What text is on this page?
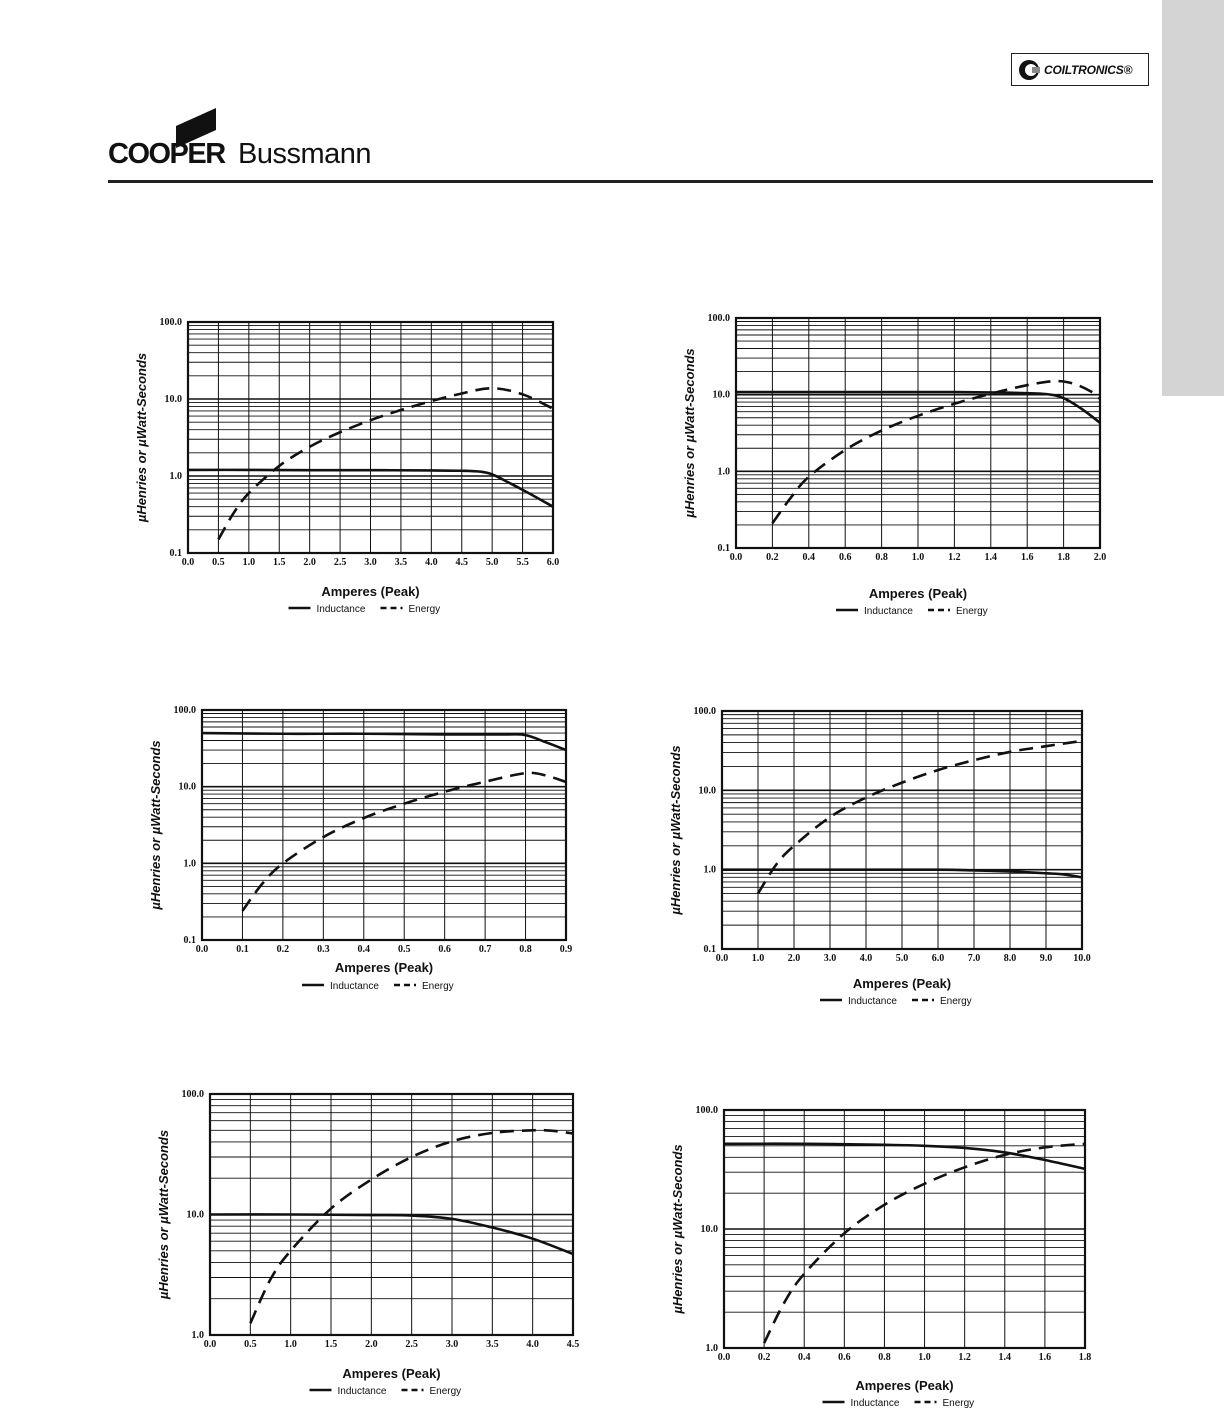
COILTRONICS®
COOPER Bussmann
0.0 0.5 1.0 1.5 2.0 2.5 3.0 3.5 4.0 4.5 5.0 5.5 6.0
100.0
10.0
1.0
0.1
µHenries or µWatt-Seconds
Amperes (Peak)
Inductance	Energy
0.0 0.2 0.4 0.6 0.8 1.0 1.2 1.4 1.6 1.8 2.0
100.0
10.0
1.0
0.1
µHenries or µWatt-Seconds
Amperes (Peak)
Inductance	Energy
0.0	0.1	0.2	0.3	0.4	0.5	0.6	0.7	0.8	0.9
100.0
10.0
1.0
0.1
µHenries or µWatt-Seconds
Amperes (Peak)
Inductance	Energy
0.0 1.0 2.0 3.0 4.0 5.0 6.0 7.0 8.0 9.0 10.0
100.0
10.0
1.0
0.1
µHenries or µWatt-Seconds
Amperes (Peak)
Inductance	Energy
0.0	0.5	1.0	1.5	2.0	2.5	3.0	3.5	4.0	4.5
100.0
10.0
1.0
µHenries or µWatt-Seconds
Amperes (Peak)
Inductance	Energy
0.0	0.2	0.4	0.6	0.8	1.0	1.2	1.4	1.6	1.8
100.0
10.0
1.0
µHenries or µWatt-Seconds
Amperes (Peak)
Inductance	Energy
